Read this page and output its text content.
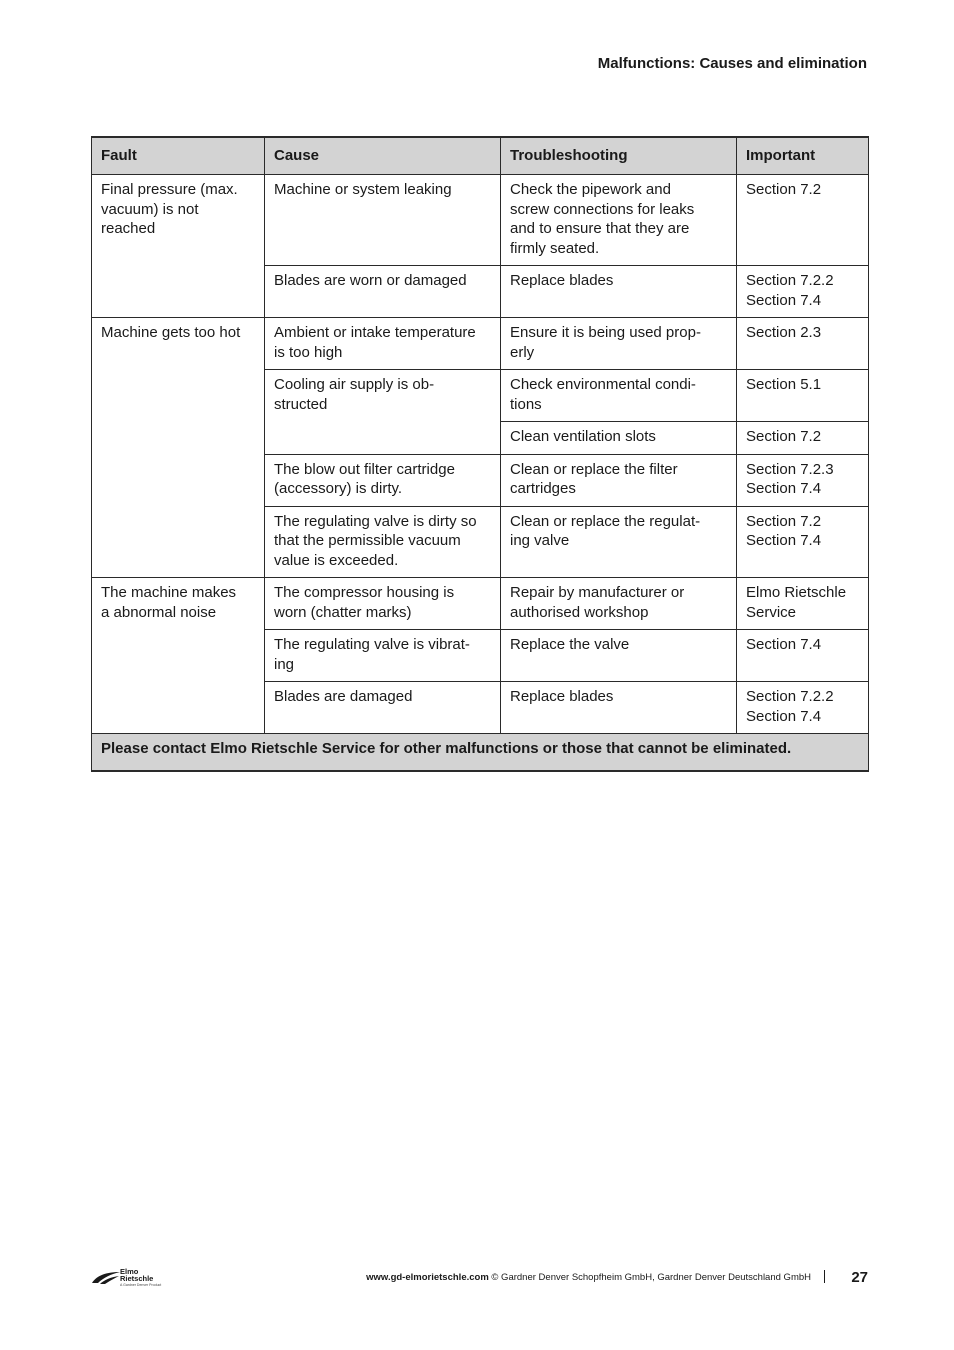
Malfunctions: Causes and elimination
Fault	Cause	Troubleshooting	Important
Final pressure (max.
vacuum) is not
reached	Machine or system leaking	Check the pipework and
screw connections for leaks
and to ensure that they are
firmly seated.	Section 7.2
	Blades are worn or damaged	Replace blades	Section 7.2.2
Section 7.4
Machine gets too hot	Ambient or intake temperature
is too high	Ensure it is being used prop-
erly	Section 2.3
	Cooling air supply is ob-
structed	Check environmental condi-
tions	Section 5.1
		Clean ventilation slots	Section 7.2
	The blow out filter cartridge
(accessory) is dirty.	Clean or replace the filter
cartridges	Section 7.2.3
Section 7.4
	The regulating valve is dirty so
that the permissible vacuum
value is exceeded.	Clean or replace the regulat-
ing valve	Section 7.2
Section 7.4
The machine makes
a abnormal noise	The compressor housing is
worn (chatter marks)	Repair by manufacturer or
authorised workshop	Elmo Rietschle
Service
	The regulating valve is vibrat-
ing	Replace the valve	Section 7.4
	Blades are damaged	Replace blades	Section 7.2.2
Section 7.4
Please contact Elmo Rietschle Service for other malfunctions or those that cannot be eliminated.			
Elmo
Rietschle
A Gardner Denver Product
www.gd-elmorietschle.com © Gardner Denver Schopfheim GmbH, Gardner Denver Deutschland GmbH	27
